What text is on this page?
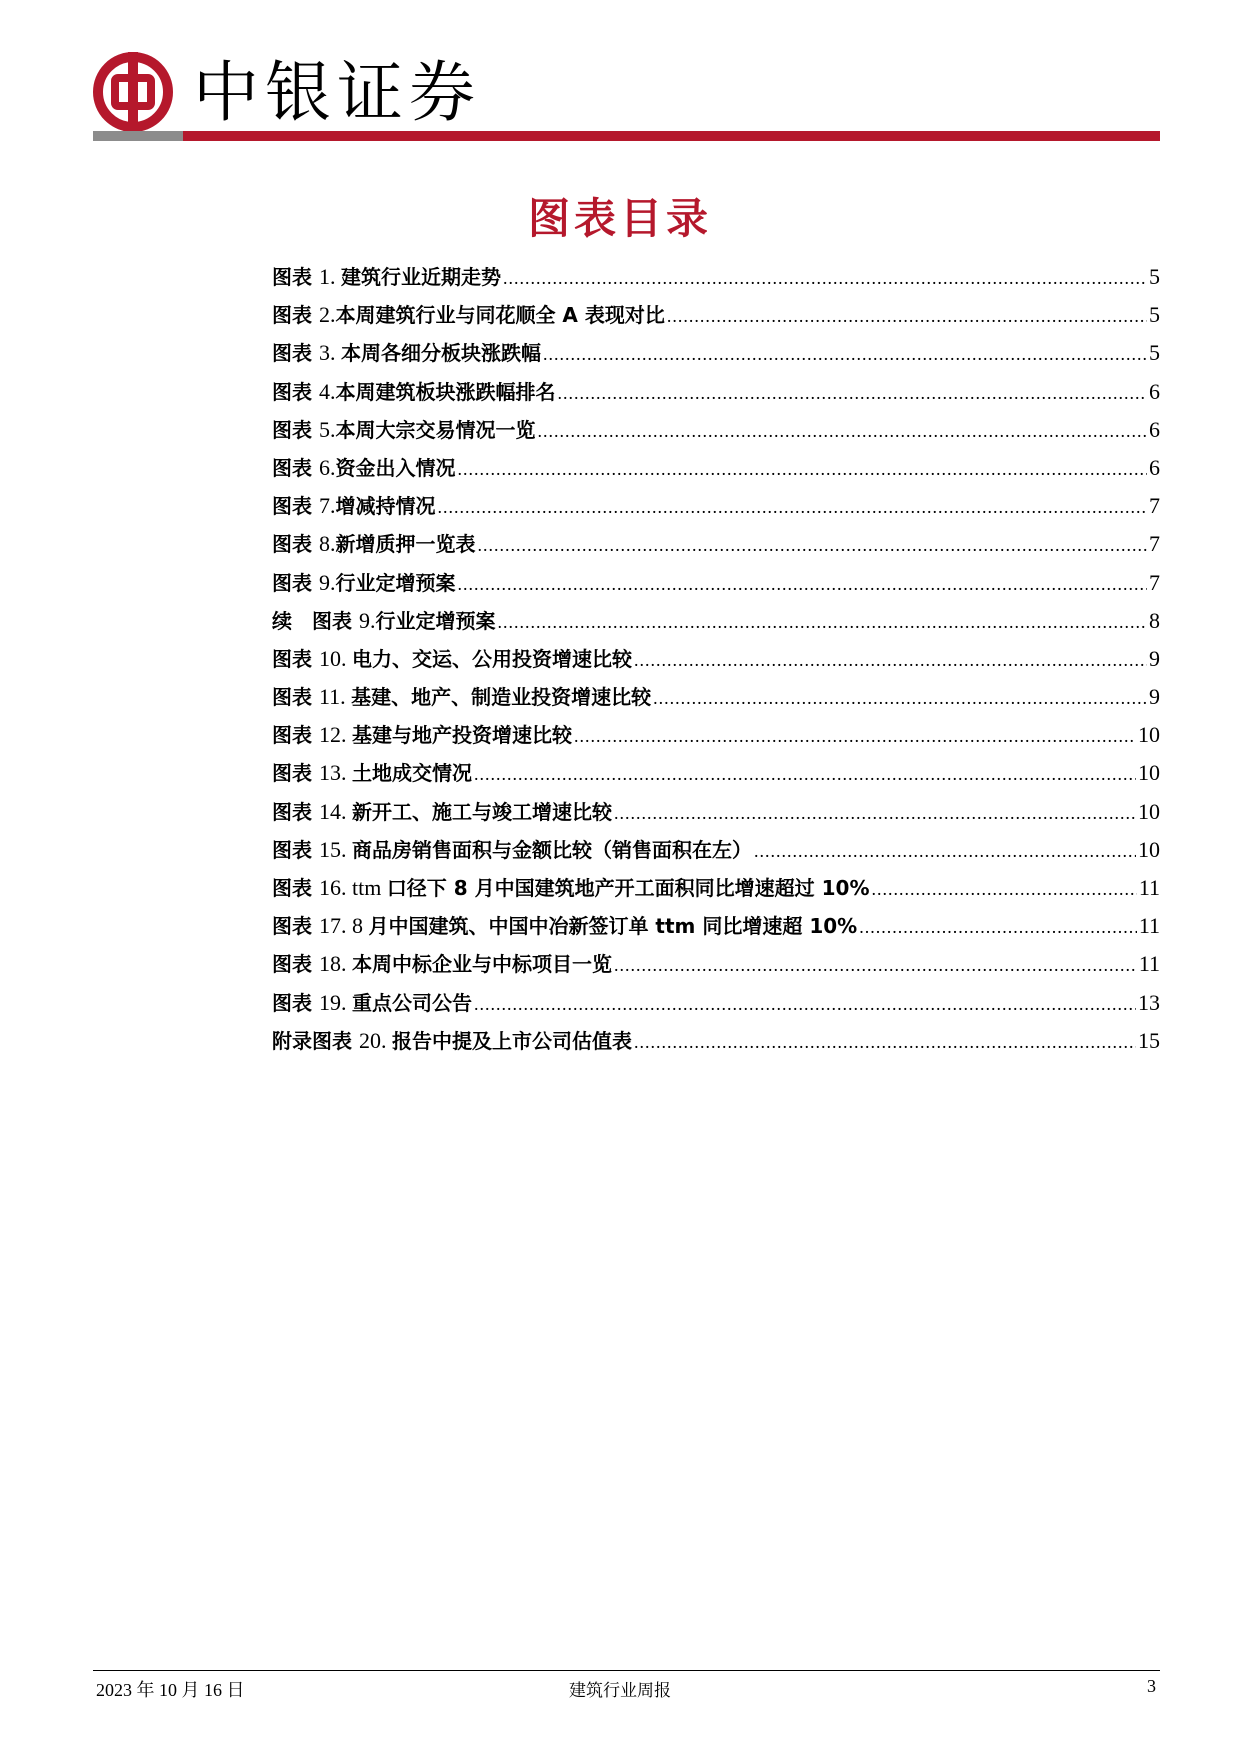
中银证券
图表目录
图表 1. 建筑行业近期走势 .....	5
图表 2.本周建筑行业与同花顺全 A 表现对比 .....	5
图表 3. 本周各细分板块涨跌幅 .....	5
图表 4.本周建筑板块涨跌幅排名 .....	6
图表 5.本周大宗交易情况一览 .....	6
图表 6.资金出入情况 .....	6
图表 7.增减持情况 .....	7
图表 8.新增质押一览表 .....	7
图表 9.行业定增预案 .....	7
续　图表 9.行业定增预案 .....	8
图表 10. 电力、交运、公用投资增速比较 .....	9
图表 11. 基建、地产、制造业投资增速比较 .....	9
图表 12. 基建与地产投资增速比较 .....	10
图表 13. 土地成交情况 .....	10
图表 14. 新开工、施工与竣工增速比较 .....	10
图表 15. 商品房销售面积与金额比较（销售面积在左） .....	10
图表 16. ttm 口径下 8 月中国建筑地产开工面积同比增速超过 10% .....	11
图表 17. 8 月中国建筑、中国中冶新签订单 ttm 同比增速超 10% .....	11
图表 18. 本周中标企业与中标项目一览 .....	11
图表 19. 重点公司公告 .....	13
附录图表 20. 报告中提及上市公司估值表 .....	15
2023 年 10 月 16 日	建筑行业周报	3
